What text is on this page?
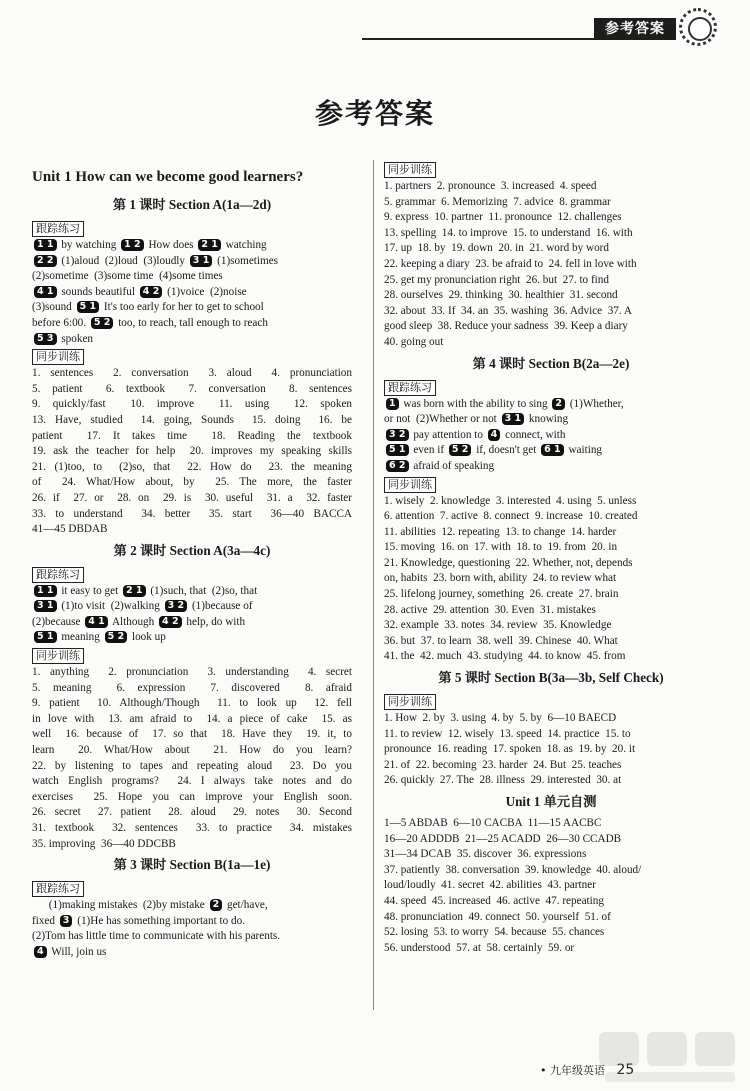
参考答案
参考答案
Unit 1 How can we become good learners?
第 1 课时 Section A(1a—2d)
跟踪练习
1 1 by watching 1 2 How does 2 1 watching
2 2 (1)aloud  (2)loud  (3)loudly 3 1 (1)sometimes
(2)sometime  (3)some time  (4)some times
4 1 sounds beautiful 4 2 (1)voice  (2)noise
(3)sound 5 1 It's too early for her to get to school
before 6:00. 5 2 too, to reach, tall enough to reach
5 3 spoken
同步训练
1. sentences  2. conversation  3. aloud  4. pronunciation
5. patient  6. textbook  7. conversation  8. sentences
9. quickly/fast  10. improve  11. using  12. spoken
13. Have, studied  14. going, Sounds  15. doing  16. be
patient  17. It takes time  18. Reading the textbook
19. ask the teacher for help  20. improves my speaking skills
21. (1)too, to  (2)so, that  22. How do  23. the meaning
of  24. What/How about, by  25. The more, the faster
26. if  27. or  28. on  29. is  30. useful  31. a  32. faster
33. to understand  34. better  35. start  36—40 BACCA
41—45 DBDAB
第 2 课时 Section A(3a—4c)
跟踪练习
1 1 it easy to get 2 1 (1)such, that  (2)so, that
3 1 (1)to visit  (2)walking 3 2 (1)because of
(2)because 4 1 Although 4 2 help, do with
5 1 meaning 5 2 look up
同步训练
1. anything  2. pronunciation  3. understanding  4. secret
5. meaning  6. expression  7. discovered  8. afraid
9. patient  10. Although/Though  11. to look up  12. fell
in love with  13. am afraid to  14. a piece of cake  15. as
well  16. because of  17. so that  18. Have they  19. it, to
learn  20. What/How about  21. How do you learn?
22. by listening to tapes and repeating aloud  23. Do you
watch English programs?  24. I always take notes and do
exercises  25. Hope you can improve your English soon.
26. secret  27. patient  28. aloud  29. notes  30. Second
31. textbook  32. sentences  33. to practice  34. mistakes
35. improving  36—40 DDCBB
第 3 课时 Section B(1a—1e)
跟踪练习
(1)making mistakes  (2)by mistake 2 get/have,
fixed 3 (1)He has something important to do.
(2)Tom has little time to communicate with his parents.
4 Will, join us
同步训练
1. partners  2. pronounce  3. increased  4. speed
5. grammar  6. Memorizing  7. advice  8. grammar
9. express  10. partner  11. pronounce  12. challenges
13. spelling  14. to improve  15. to understand  16. with
17. up  18. by  19. down  20. in  21. word by word
22. keeping a diary  23. be afraid to  24. fell in love with
25. get my pronunciation right  26. but  27. to find
28. ourselves  29. thinking  30. healthier  31. second
32. about  33. If  34. an  35. washing  36. Advice  37. A
good sleep  38. Reduce your sadness  39. Keep a diary
40. going out
第 4 课时 Section B(2a—2e)
跟踪练习
1 was born with the ability to sing 2 (1)Whether,
or not  (2)Whether or not 3 1 knowing
3 2 pay attention to 4 connect, with
5 1 even if 5 2 if, doesn't get 6 1 waiting
6 2 afraid of speaking
同步训练
1. wisely  2. knowledge  3. interested  4. using  5. unless
6. attention  7. active  8. connect  9. increase  10. created
11. abilities  12. repeating  13. to change  14. harder
15. moving  16. on  17. with  18. to  19. from  20. in
21. Knowledge, questioning  22. Whether, not, depends
on, habits  23. born with, ability  24. to review what
25. lifelong journey, something  26. create  27. brain
28. active  29. attention  30. Even  31. mistakes
32. example  33. notes  34. review  35. Knowledge
36. but  37. to learn  38. well  39. Chinese  40. What
41. the  42. much  43. studying  44. to know  45. from
第 5 课时 Section B(3a—3b, Self Check)
同步训练
1. How  2. by  3. using  4. by  5. by  6—10 BAECD
11. to review  12. wisely  13. speed  14. practice  15. to
pronounce  16. reading  17. spoken  18. as  19. by  20. it
21. of  22. becoming  23. harder  24. But  25. teaches
26. quickly  27. The  28. illness  29. interested  30. at
Unit 1 单元自测
1—5 ABDAB  6—10 CACBA  11—15 AACBC
16—20 ADDDB  21—25 ACADD  26—30 CCADB
31—34 DCAB  35. discover  36. expressions
37. patiently  38. conversation  39. knowledge  40. aloud/
loud/loudly  41. secret  42. abilities  43. partner
44. speed  45. increased  46. active  47. repeating
48. pronunciation  49. connect  50. yourself  51. of
52. losing  53. to worry  54. because  55. chances
56. understood  57. at  58. certainly  59. or
• 九年级英语 25
